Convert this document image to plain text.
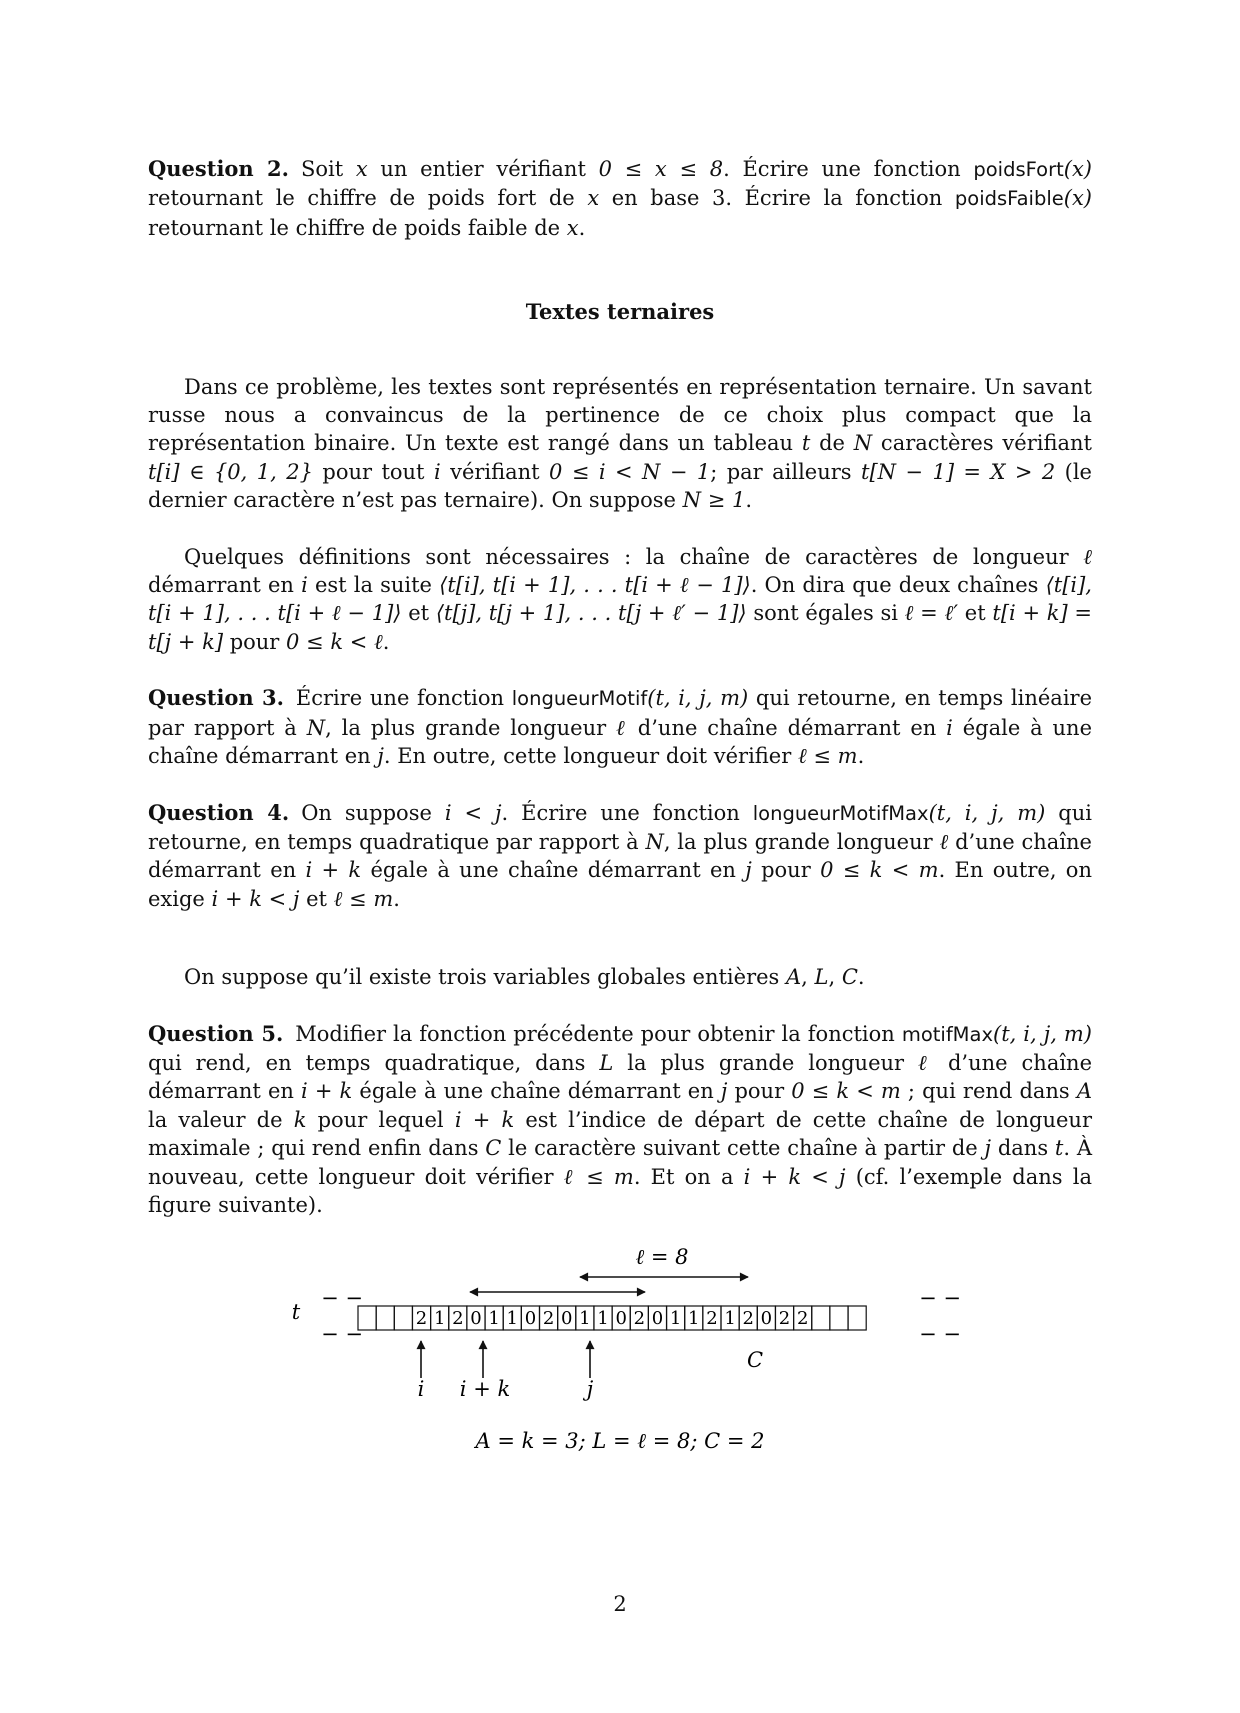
Question 2. Soit x un entier vérifiant 0 ≤ x ≤ 8. Écrire une fonction poidsFort(x) retournant le chiffre de poids fort de x en base 3. Écrire la fonction poidsFaible(x) retournant le chiffre de poids faible de x.

Textes ternaires

Dans ce problème, les textes sont représentés en représentation ternaire. Un savant russe nous a convaincus de la pertinence de ce choix plus compact que la représentation binaire. Un texte est rangé dans un tableau t de N caractères vérifiant t[i] ∈ {0, 1, 2} pour tout i vérifiant 0 ≤ i < N − 1; par ailleurs t[N − 1] = X > 2 (le dernier caractère n’est pas ternaire). On suppose N ≥ 1.

Quelques définitions sont nécessaires : la chaîne de caractères de longueur ℓ démarrant en i est la suite ⟨t[i], t[i + 1], . . . t[i + ℓ − 1]⟩. On dira que deux chaînes ⟨t[i], t[i + 1], . . . t[i + ℓ − 1]⟩ et ⟨t[j], t[j + 1], . . . t[j + ℓ′ − 1]⟩ sont égales si ℓ = ℓ′ et t[i + k] = t[j + k] pour 0 ≤ k < ℓ.

Question 3. Écrire une fonction longueurMotif(t, i, j, m) qui retourne, en temps linéaire par rapport à N, la plus grande longueur ℓ d’une chaîne démarrant en i égale à une chaîne démarrant en j. En outre, cette longueur doit vérifier ℓ ≤ m.

Question 4. On suppose i < j. Écrire une fonction longueurMotifMax(t, i, j, m) qui retourne, en temps quadratique par rapport à N, la plus grande longueur ℓ d’une chaîne démarrant en i + k égale à une chaîne démarrant en j pour 0 ≤ k < m. En outre, on exige i + k < j et ℓ ≤ m.

On suppose qu’il existe trois variables globales entières A, L, C.

Question 5. Modifier la fonction précédente pour obtenir la fonction motifMax(t, i, j, m) qui rend, en temps quadratique, dans L la plus grande longueur ℓ d’une chaîne démarrant en i + k égale à une chaîne démarrant en j pour 0 ≤ k < m ; qui rend dans A la valeur de k pour lequel i + k est l’indice de départ de cette chaîne de longueur maximale ; qui rend enfin dans C le caractère suivant cette chaîne à partir de j dans t. À nouveau, cette longueur doit vérifier ℓ ≤ m. Et on a i + k < j (cf. l’exemple dans la figure suivante).

ℓ = 8
t
− −
− −
− −
− −
2 1 2 0 1 1 0 2 0 1 1 0 2 0 1 1 2 1 2 0 2 2
i i + k	j
C
A = k = 3; L = ℓ = 8; C = 2
2
